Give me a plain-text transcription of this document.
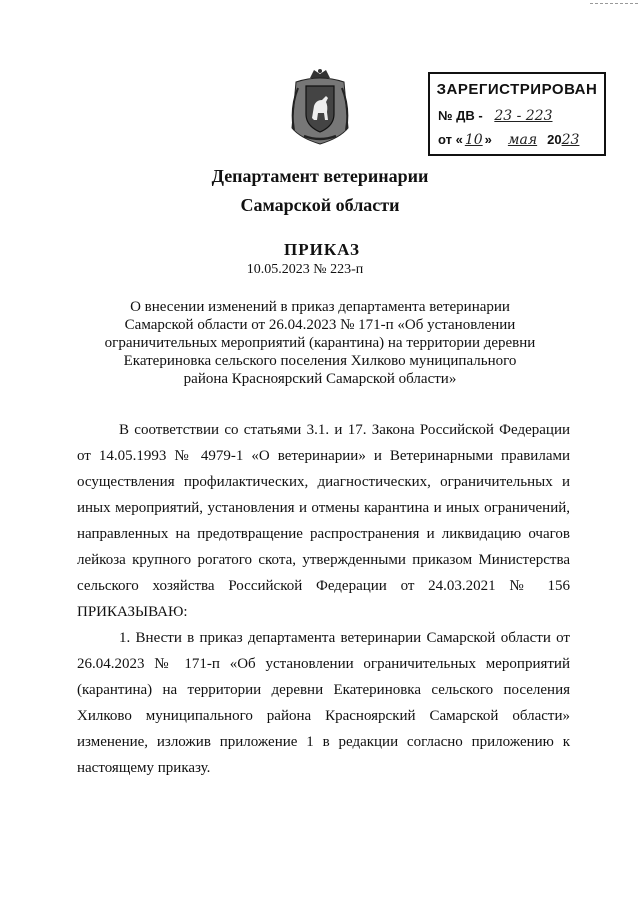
ЗАРЕГИСТРИРОВАН
№ ДВ - 23 - 223
от « 10 » мая 2023
Департамент ветеринарии
Самарской области
ПРИКАЗ
10.05.2023 № 223-п
О внесении изменений в приказ департамента ветеринарии Самарской области от 26.04.2023 № 171-п «Об установлении ограничительных мероприятий (карантина) на территории деревни Екатериновка сельского поселения Хилково муниципального района Красноярский Самарской области»

В соответствии со статьями 3.1. и 17. Закона Российской Федерации от 14.05.1993 № 4979-1 «О ветеринарии» и Ветеринарными правилами осуществления профилактических, диагностических, ограничительных и иных мероприятий, установления и отмены карантина и иных ограничений, направленных на предотвращение распространения и ликвидацию очагов лейкоза крупного рогатого скота, утвержденными приказом Министерства сельского хозяйства Российской Федерации от 24.03.2021 № 156 ПРИКАЗЫВАЮ:

1. Внести в приказ департамента ветеринарии Самарской области от 26.04.2023 № 171-п «Об установлении ограничительных мероприятий (карантина) на территории деревни Екатериновка сельского поселения Хилково муниципального района Красноярский Самарской области» изменение, изложив приложение 1 в редакции согласно приложению к настоящему приказу.
